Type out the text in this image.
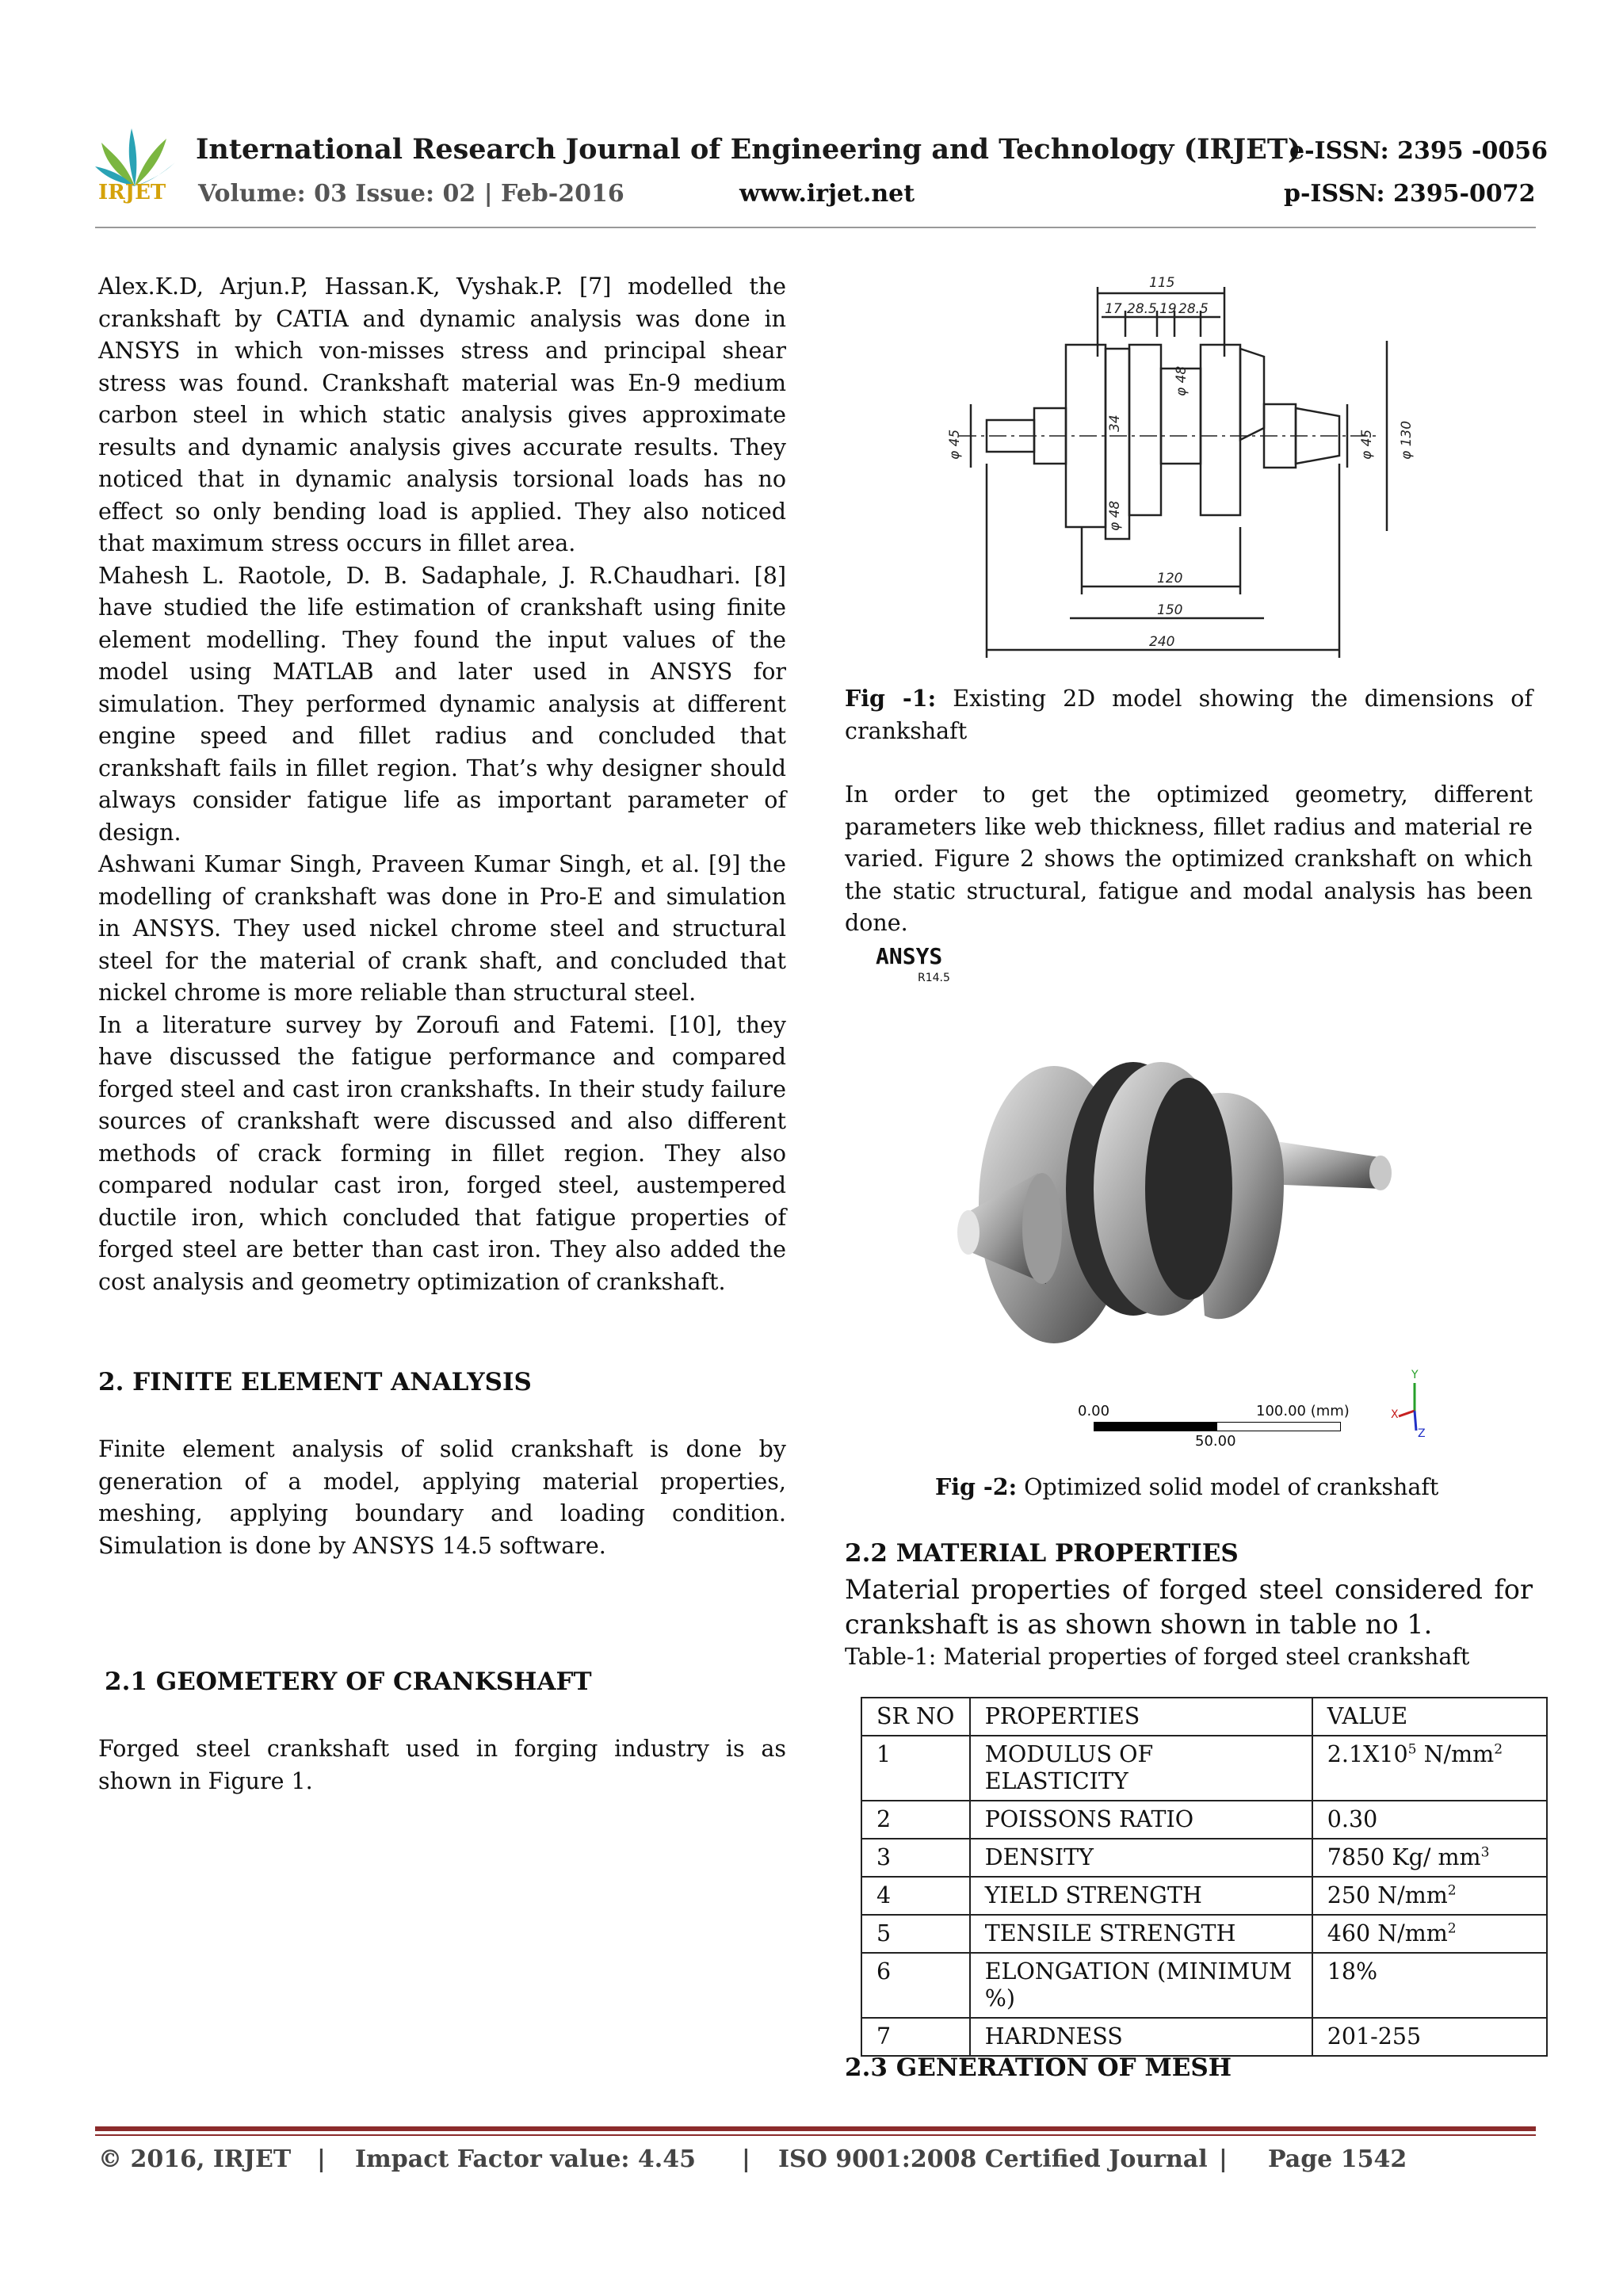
IRJET
International Research Journal of Engineering and Technology (IRJET)
e-ISSN: 2395 -0056
Volume: 03 Issue: 02 | Feb-2016	www.irjet.net	p-ISSN: 2395-0072

Alex.K.D, Arjun.P, Hassan.K, Vyshak.P. [7] modelled the crankshaft by CATIA and dynamic analysis was done in ANSYS in which von-misses stress and principal shear stress was found. Crankshaft material was En-9 medium carbon steel in which static analysis gives approximate results and dynamic analysis gives accurate results. They noticed that in dynamic analysis torsional loads has no effect so only bending load is applied. They also noticed that maximum stress occurs in fillet area.

Mahesh L. Raotole, D. B. Sadaphale, J. R.Chaudhari. [8] have studied the life estimation of crankshaft using finite element modelling. They found the input values of the model using MATLAB and later used in ANSYS for simulation. They performed dynamic analysis at different engine speed and fillet radius and concluded that crankshaft fails in fillet region. That’s why designer should always consider fatigue life as important parameter of design.

Ashwani Kumar Singh, Praveen Kumar Singh, et al. [9] the modelling of crankshaft was done in Pro-E and simulation in ANSYS. They used nickel chrome steel and structural steel for the material of crank shaft, and concluded that nickel chrome is more reliable than structural steel.

In a literature survey by Zoroufi and Fatemi. [10], they have discussed the fatigue performance and compared forged steel and cast iron crankshafts. In their study failure sources of crankshaft were discussed and also different methods of crack forming in fillet region. They also compared nodular cast iron, forged steel, austempered ductile iron, which concluded that fatigue properties of forged steel are better than cast iron. They also added the cost analysis and geometry optimization of crankshaft.

2. FINITE ELEMENT ANALYSIS
Finite element analysis of solid crankshaft is done by generation of a model, applying material properties, meshing, applying boundary and loading condition. Simulation is done by ANSYS 14.5 software.
2.1 GEOMETERY OF CRANKSHAFT
Forged steel crankshaft used in forging industry is as shown in Figure 1.
115
17 28.5 19 28.5
φ 45
34
φ 48
φ 48
φ 45 φ 130
120
150
240
Fig -1: Existing 2D model showing the dimensions of crankshaft
In order to get the optimized geometry, different parameters like web thickness, fillet radius and material re varied. Figure 2 shows the optimized crankshaft on which the static structural, fatigue and modal analysis has been done.
ANSYS
R14.5
0.00	100.00 (mm)
50.00
Y
X
Z
Fig -2: Optimized solid model of crankshaft
2.2 MATERIAL PROPERTIES
Material properties of forged steel considered for crankshaft is as shown shown in table no 1.
Table-1: Material properties of forged steel crankshaft
SR NO	PROPERTIES	VALUE
1	MODULUS OF ELASTICITY	$2.1X10^5$ $N/mm^2$
2	POISSONS RATIO	0.30
3	DENSITY	7850 Kg/ $mm^3$
4	YIELD STRENGTH	250 $N/mm^2$
5	TENSILE STRENGTH	460 $N/mm^2$
6	ELONGATION (MINIMUM %)	18%
7	HARDNESS	201-255
2.3 GENERATION OF MESH
© 2016, IRJET | Impact Factor value: 4.45 | ISO 9001:2008 Certified Journal | Page 1542
